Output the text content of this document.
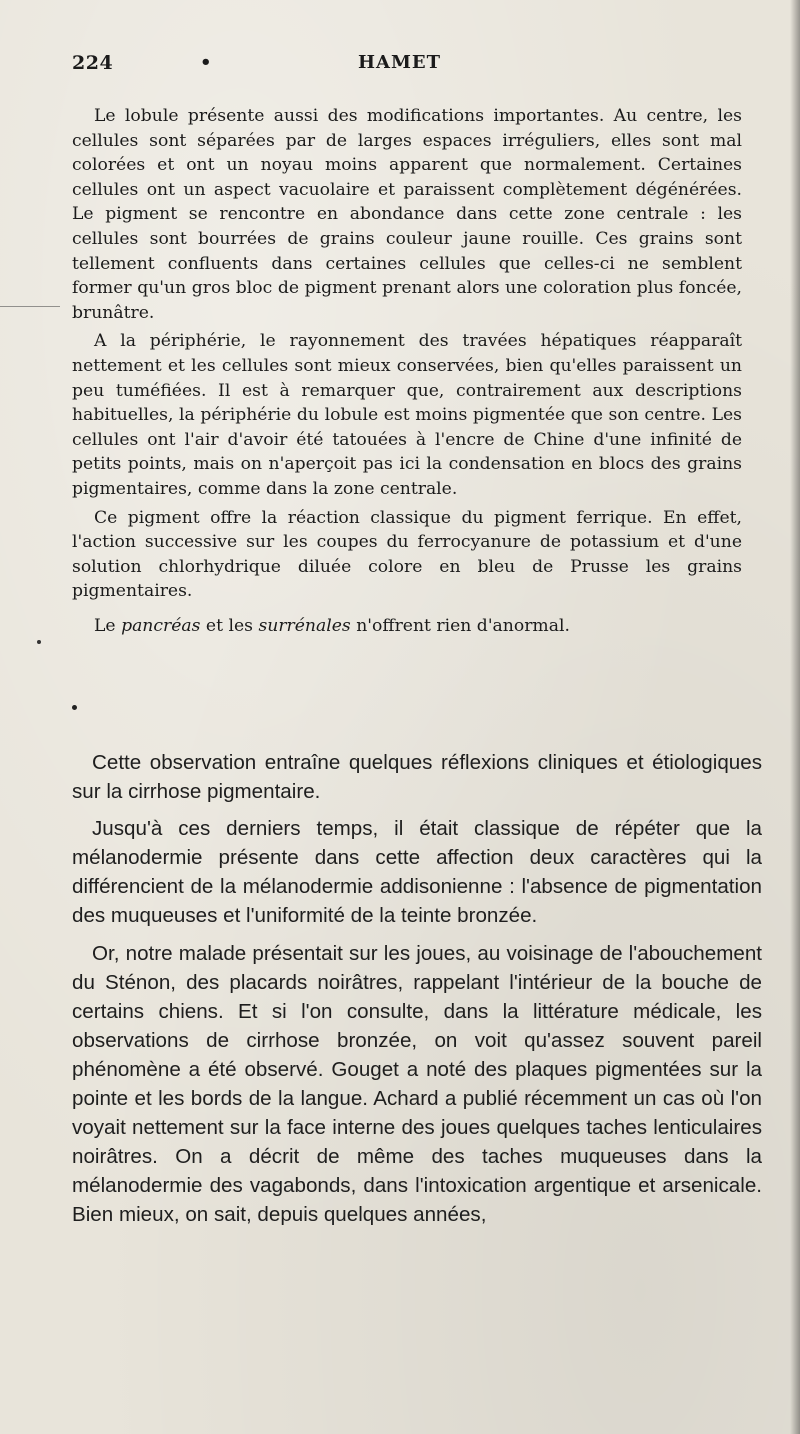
224	•	HAMET

Le lobule présente aussi des modifications importantes. Au centre, les cellules sont séparées par de larges espaces irréguliers, elles sont mal colorées et ont un noyau moins apparent que normalement. Certaines cellules ont un aspect vacuolaire et paraissent complètement dégénérées. Le pigment se rencontre en abondance dans cette zone centrale : les cellules sont bourrées de grains couleur jaune rouille. Ces grains sont tellement confluents dans certaines cellules que celles-ci ne semblent former qu'un gros bloc de pigment prenant alors une coloration plus foncée, brunâtre.

A la périphérie, le rayonnement des travées hépatiques réapparaît nettement et les cellules sont mieux conservées, bien qu'elles paraissent un peu tuméfiées. Il est à remarquer que, contrairement aux descriptions habituelles, la périphérie du lobule est moins pigmentée que son centre. Les cellules ont l'air d'avoir été tatouées à l'encre de Chine d'une infinité de petits points, mais on n'aperçoit pas ici la condensation en blocs des grains pigmentaires, comme dans la zone centrale.

Ce pigment offre la réaction classique du pigment ferrique. En effet, l'action successive sur les coupes du ferrocyanure de potassium et d'une solution chlorhydrique diluée colore en bleu de Prusse les grains pigmentaires.

Le pancréas et les surrénales n'offrent rien d'anormal.

Cette observation entraîne quelques réflexions cliniques et étiologiques sur la cirrhose pigmentaire.

Jusqu'à ces derniers temps, il était classique de répéter que la mélanodermie présente dans cette affection deux caractères qui la différencient de la mélanodermie addisonienne : l'absence de pigmentation des muqueuses et l'uniformité de la teinte bronzée.

Or, notre malade présentait sur les joues, au voisinage de l'abouchement du Sténon, des placards noirâtres, rappelant l'intérieur de la bouche de certains chiens. Et si l'on consulte, dans la littérature médicale, les observations de cirrhose bronzée, on voit qu'assez souvent pareil phénomène a été observé. Gouget a noté des plaques pigmentées sur la pointe et les bords de la langue. Achard a publié récemment un cas où l'on voyait nettement sur la face interne des joues quelques taches lenticulaires noirâtres. On a décrit de même des taches muqueuses dans la mélanodermie des vagabonds, dans l'intoxication argentique et arsenicale. Bien mieux, on sait, depuis quelques années,
